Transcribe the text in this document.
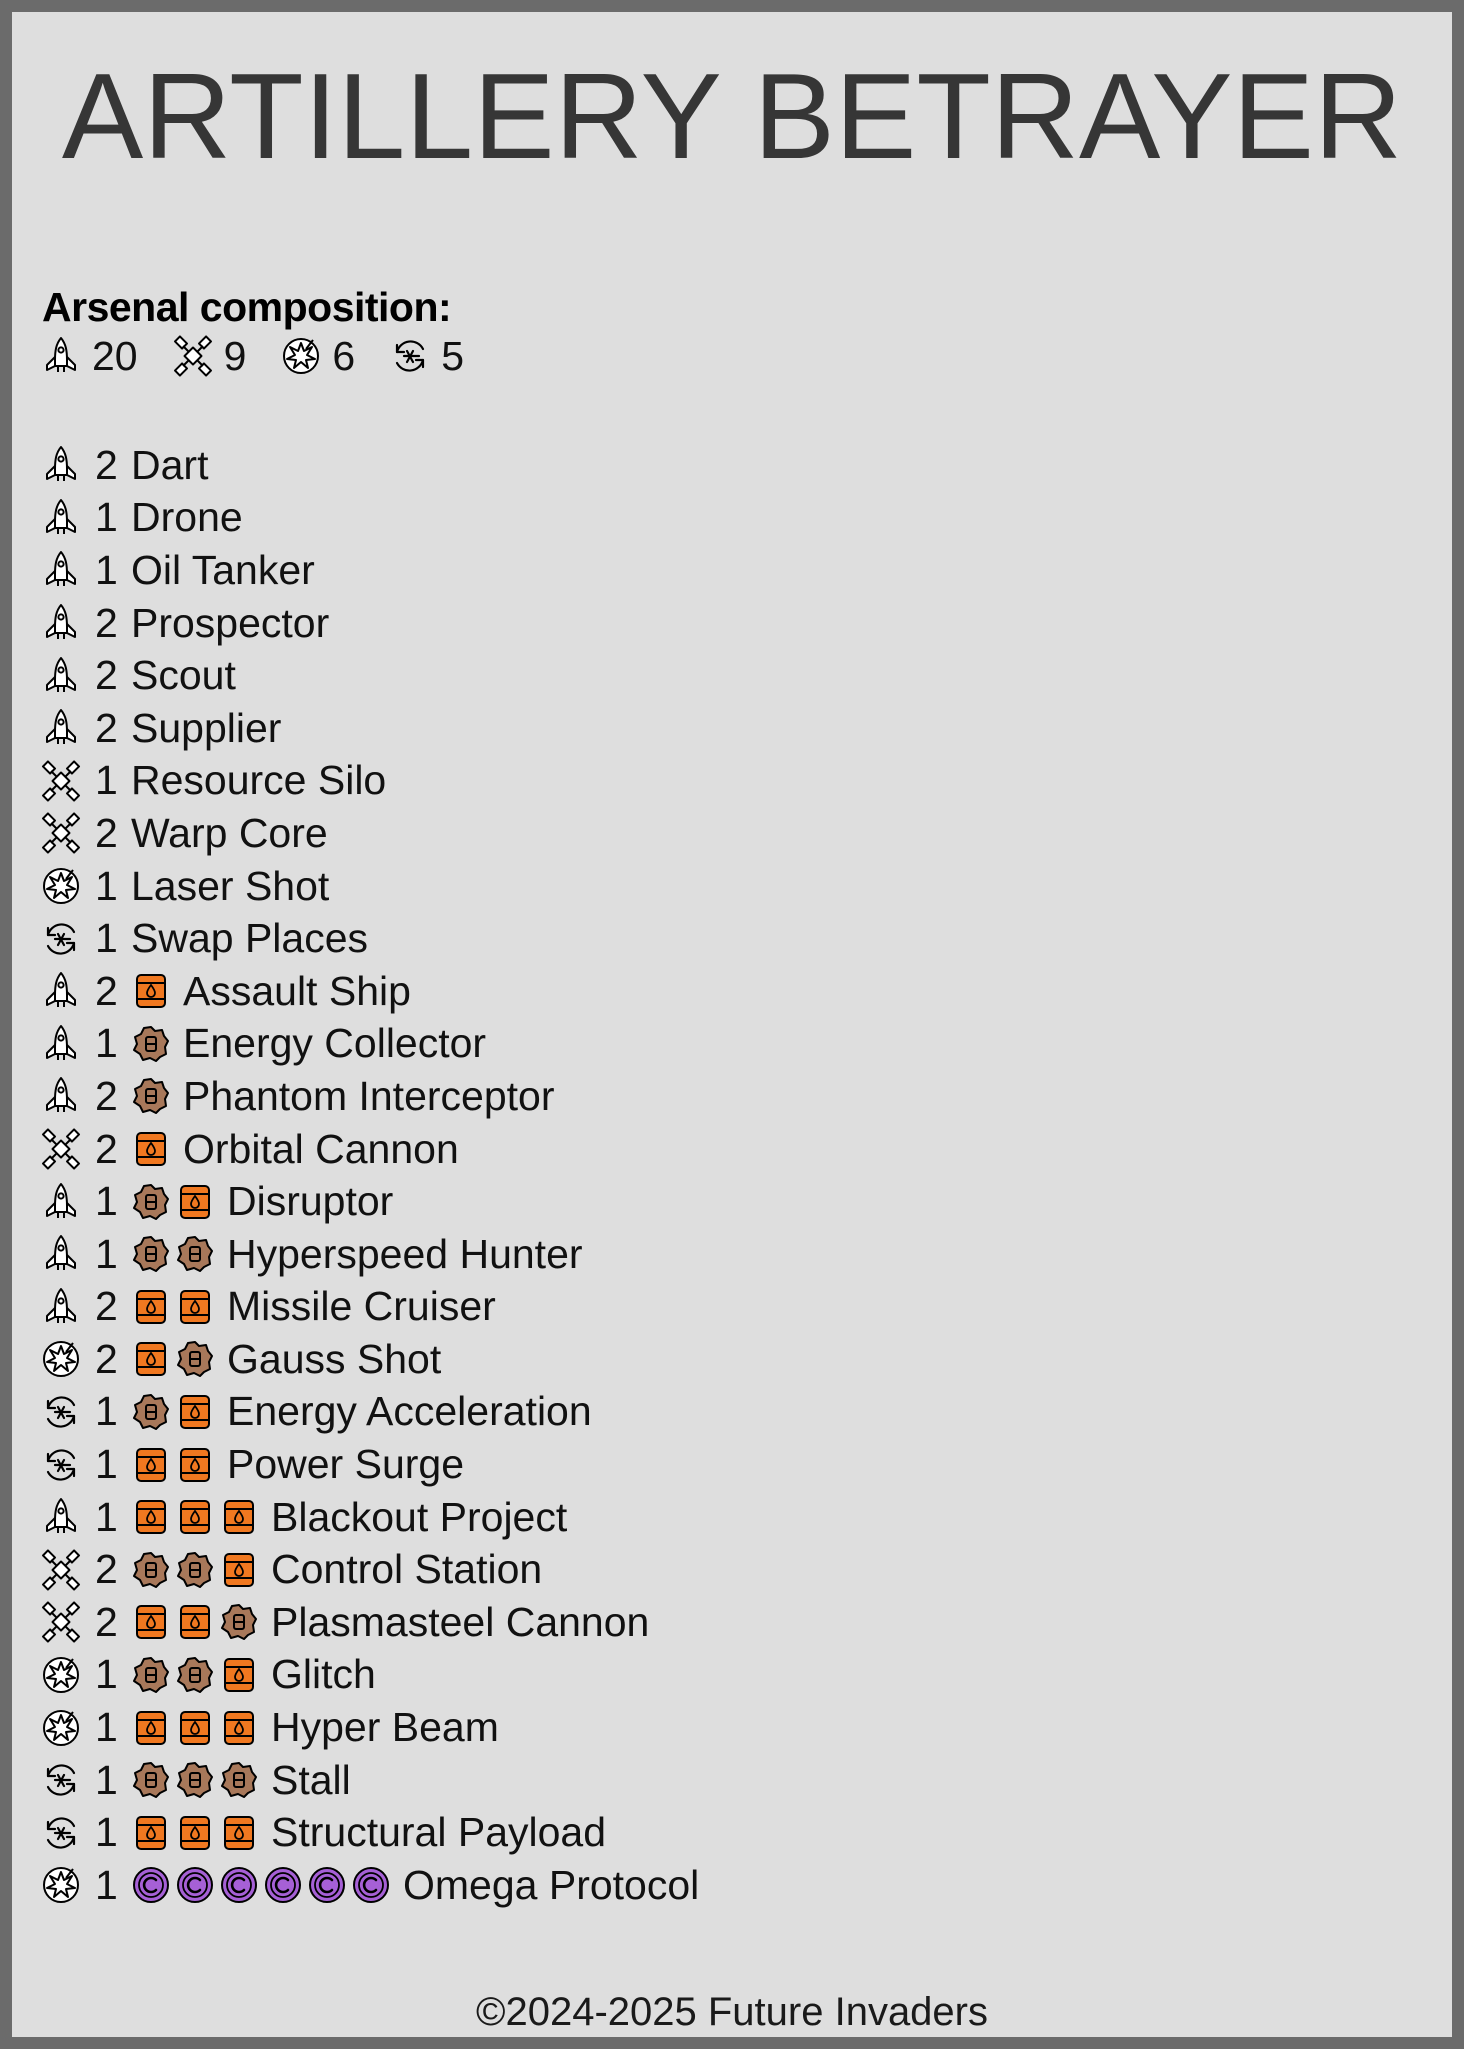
ARTILLERY BETRAYER
Arsenal composition:
20 9 6 5
2 Dart
1 Drone
1 Oil Tanker
2 Prospector
2 Scout
2 Supplier
1 Resource Silo
2 Warp Core
1 Laser Shot
1 Swap Places
2 Assault Ship
1 Energy Collector
2 Phantom Interceptor
2 Orbital Cannon
1	Disruptor
1	Hyperspeed Hunter
2	Missile Cruiser
2	Gauss Shot
1	Energy Acceleration
1	Power Surge
1	Blackout Project
2	Control Station
2	Plasmasteel Cannon
1	Glitch
1	Hyper Beam
1	Stall
1	Structural Payload
1	Omega Protocol
©2024-2025 Future Invaders
